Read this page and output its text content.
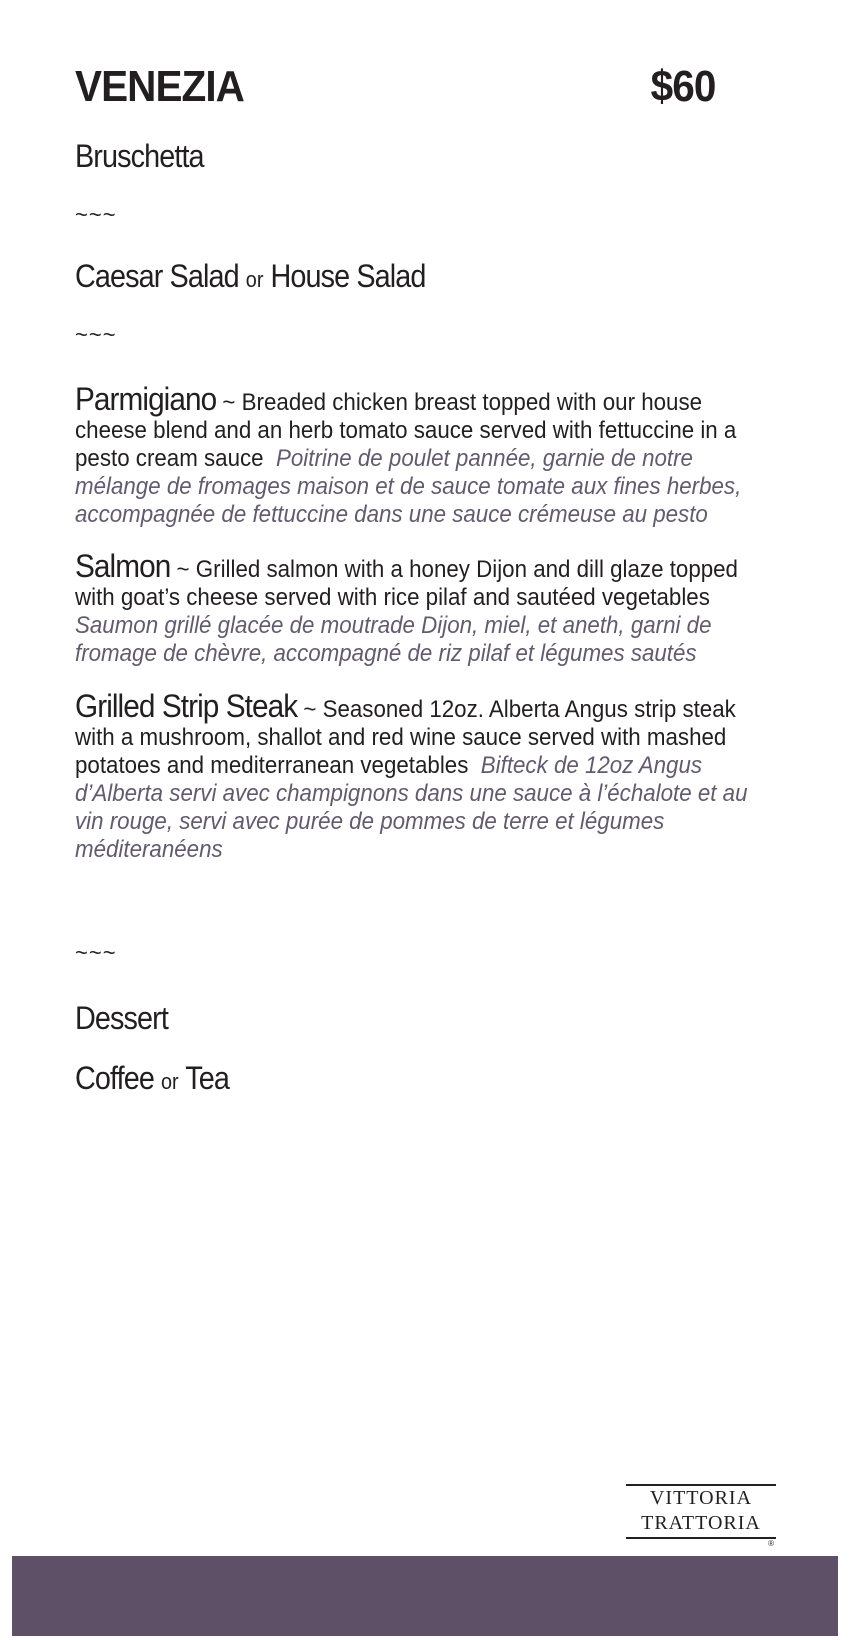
VENEZIA	$60
Bruschetta
~~~
Caesar Salad or House Salad
~~~
Parmigiano ~ Breaded chicken breast topped with our house cheese blend and an herb tomato sauce served with fettuccine in a pesto cream sauce Poitrine de poulet pannée, garnie de notre mélange de fromages maison et de sauce tomate aux fines herbes, accompagnée de fettuccine dans une sauce crémeuse au pesto
Salmon ~ Grilled salmon with a honey Dijon and dill glaze topped with goat’s cheese served with rice pilaf and sautéed vegetables  Saumon grillé glacée de moutrade Dijon, miel, et aneth, garni de fromage de chèvre, accompagné de riz pilaf et légumes sautés
Grilled Strip Steak ~ Seasoned 12oz. Alberta Angus strip steak with a mushroom, shallot and red wine sauce served with mashed potatoes and mediterranean vegetables Bifteck de 12oz Angus d’Alberta servi avec champignons dans une sauce à l’échalote et au vin rouge, servi avec purée de pommes de terre et légumes méditeranéens
~~~
Dessert
Coffee or Tea
VITTORIA
TRATTORIA
®
